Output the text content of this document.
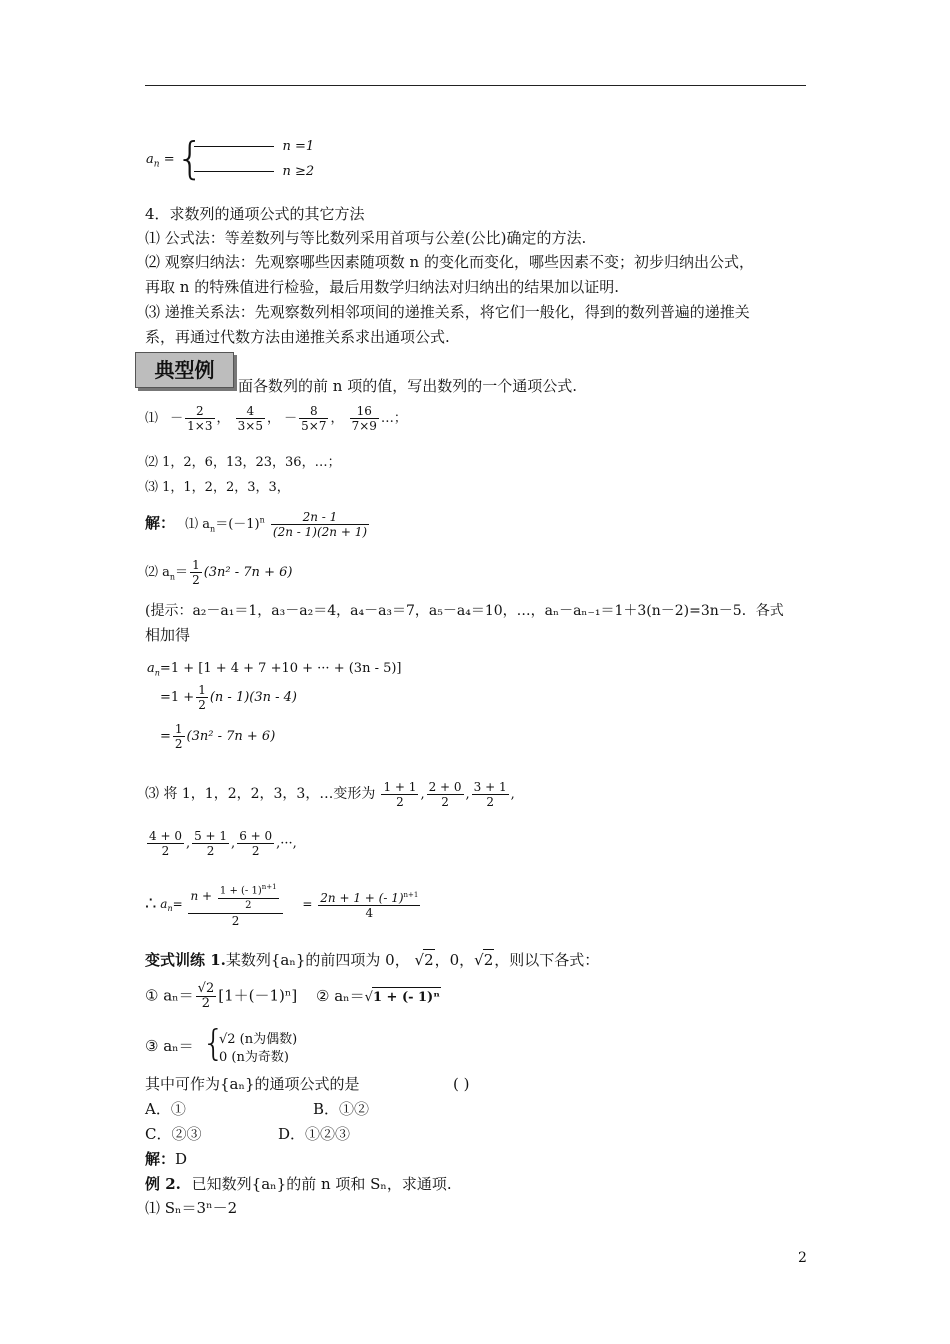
$a_n$ = {	n =1
n ≥2
4．求数列的通项公式的其它方法
⑴ 公式法：等差数列与等比数列采用首项与公差(公比)确定的方法.
⑵ 观察归纳法：先观察哪些因素随项数 n 的变化而变化，哪些因素不变；初步归纳出公式，
再取 n 的特殊值进行检验，最后用数学归纳法对归纳出的结果加以证明.
⑶ 递推关系法：先观察数列相邻项间的递推关系，将它们一般化，得到的数列普遍的递推关
系，再通过代数方法由递推关系求出通项公式.
典型例
面各数列的前 n 项的值，写出数列的一个通项公式.
⑴ － $\frac{2}{1\times 3}$ ， $\frac{4}{3\times 5}$ ， － $\frac{8}{5\times 7}$ ， $\frac{16}{7\times 9}$ …；
⑵ 1，2，6，13，23，36，…；
⑶ 1，1，2，2，3，3，
解： ⑴ $a_n=(-1)^n \frac{2n - 1}{(2n - 1)(2n + 1)}$
⑵ $a_n= \frac{1}{2} (3n^2 - 7n + 6)$
(提示：a₂－a₁＝1，a₃－a₂＝4，a₄－a₃＝7，a₅－a₄＝10，…，aₙ－aₙ₋₁＝1＋3(n－2)=3n－5．各式
相加得
$a_n=1 + [1 + 4 + 7 +10$ + ··· + (3n - 5)]
$=1 + \frac{1}{2} (n - 1)(3n - 4)$
= $\frac{1}{2} (3n^2 - 7n + 6)$
⑶ 将 1，1，2，2，3，3，…变形为 $\frac{1 + 1}{2}$ , $\frac{2 + 0}{2}$ , $\frac{3 + 1}{2}$ ,
$\frac{4 + 0}{2}$ , $\frac{5 + 1}{2}$ , $\frac{6 + 0}{2}$ ,···,
∴ $a_n= \frac{n + \frac{1 + (- 1)^{n+1}}{2}}{2} = \frac{2n + 1 + (- 1)^{n+1}}{4}$
变式训练 1.某数列{aₙ}的前四项为 0， √2，0，√2，则以下各式：
① $a_n= \frac{√2}{2} [1+(-1)^n]$ ② aₙ＝√1 + (- 1)ⁿ
③ aₙ＝ {
√2 (n为偶数)
0 (n为奇数)
其中可作为{aₙ}的通项公式的是	( )
A．①	B．①②
C．②③	D．①②③
解：D
例 2. 已知数列{aₙ}的前 n 项和 Sₙ，求通项.
⑴ Sₙ＝3ⁿ－2
2
